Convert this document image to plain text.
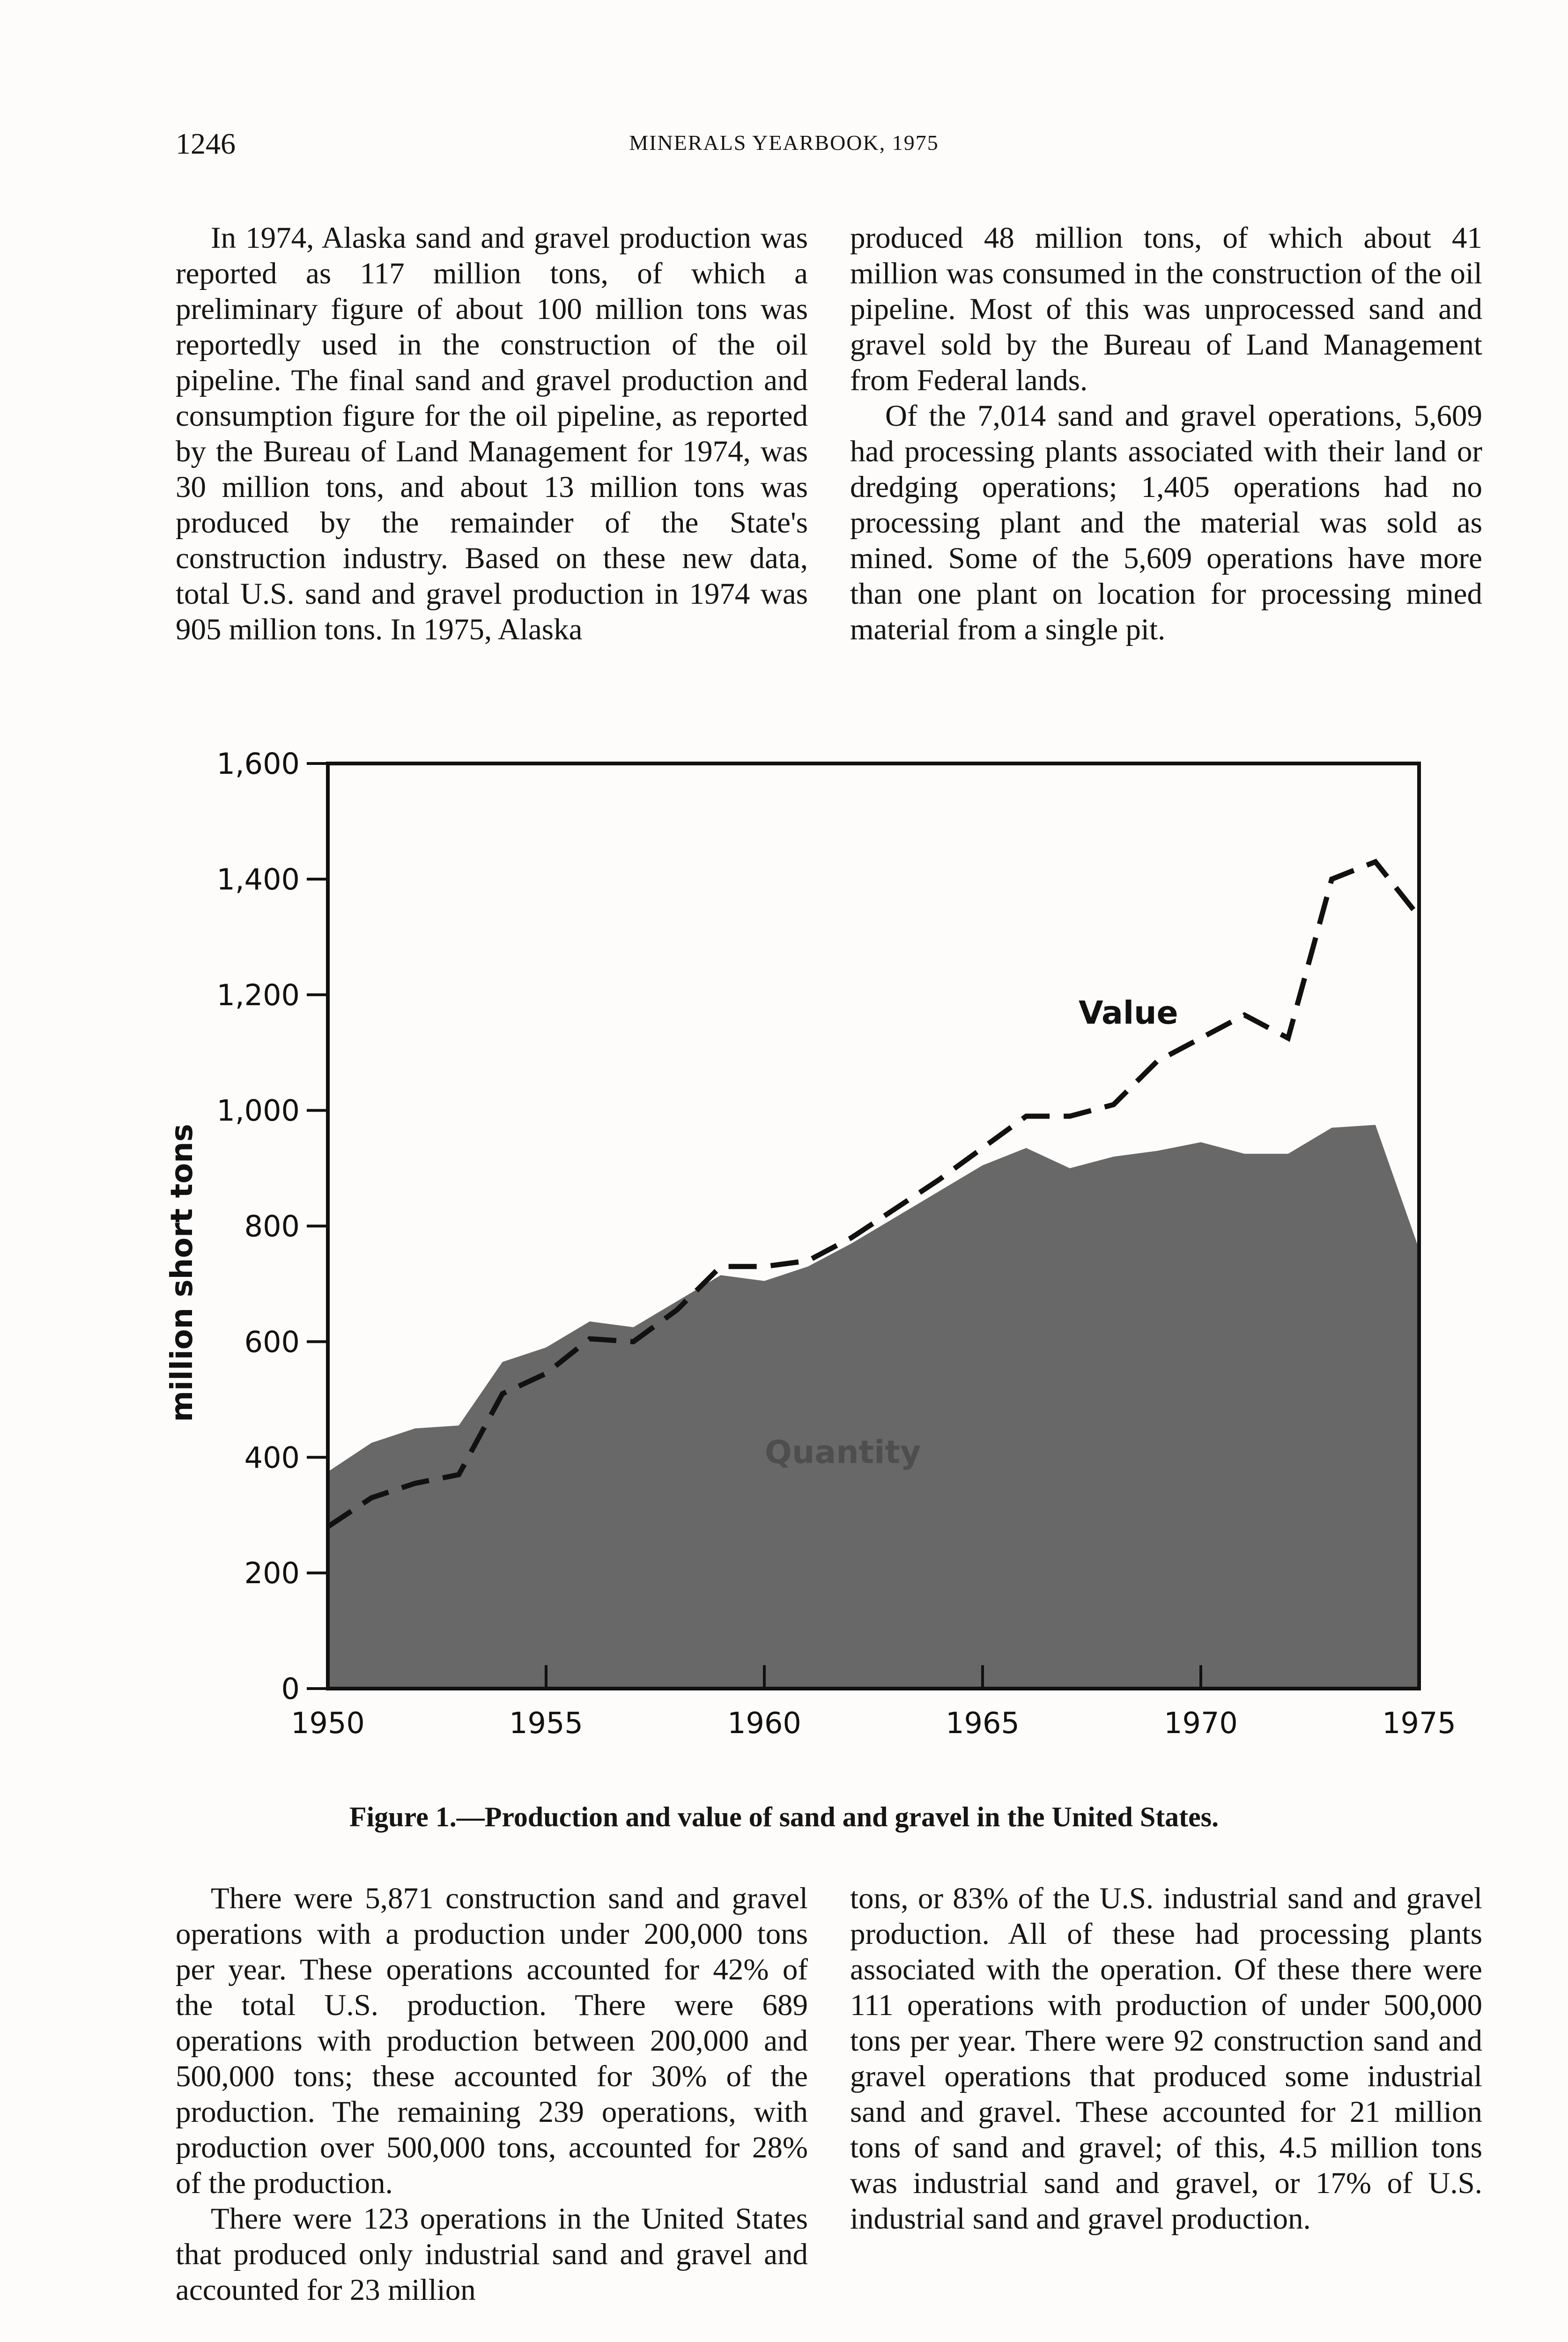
1246	MINERALS YEARBOOK, 1975

In 1974, Alaska sand and gravel production was reported as 117 million tons, of which a preliminary figure of about 100 million tons was reportedly used in the construction of the oil pipeline. The final sand and gravel production and consumption figure for the oil pipeline, as reported by the Bureau of Land Management for 1974, was 30 million tons, and about 13 million tons was produced by the remainder of the State's construction industry. Based on these new data, total U.S. sand and gravel production in 1974 was 905 million tons. In 1975, Alaska

produced 48 million tons, of which about 41 million was consumed in the construction of the oil pipeline. Most of this was unprocessed sand and gravel sold by the Bureau of Land Management from Federal lands.

Of the 7,014 sand and gravel operations, 5,609 had processing plants associated with their land or dredging operations; 1,405 operations had no processing plant and the material was sold as mined. Some of the 5,609 operations have more than one plant on location for processing mined material from a single pit.

0
200
400
600
800
1,000
1,200
1,400
1,600
1950	1955	1960	1965	1970	1975
Value
Quantity
million short tons
Figure 1.—Production and value of sand and gravel in the United States.

There were 5,871 construction sand and gravel operations with a production under 200,000 tons per year. These operations accounted for 42% of the total U.S. production. There were 689 operations with production between 200,000 and 500,000 tons; these accounted for 30% of the production. The remaining 239 operations, with production over 500,000 tons, accounted for 28% of the production.

There were 123 operations in the United States that produced only industrial sand and gravel and accounted for 23 million

tons, or 83% of the U.S. industrial sand and gravel production. All of these had processing plants associated with the operation. Of these there were 111 operations with production of under 500,000 tons per year. There were 92 construction sand and gravel operations that produced some industrial sand and gravel. These accounted for 21 million tons of sand and gravel; of this, 4.5 million tons was industrial sand and gravel, or 17% of U.S. industrial sand and gravel production.
